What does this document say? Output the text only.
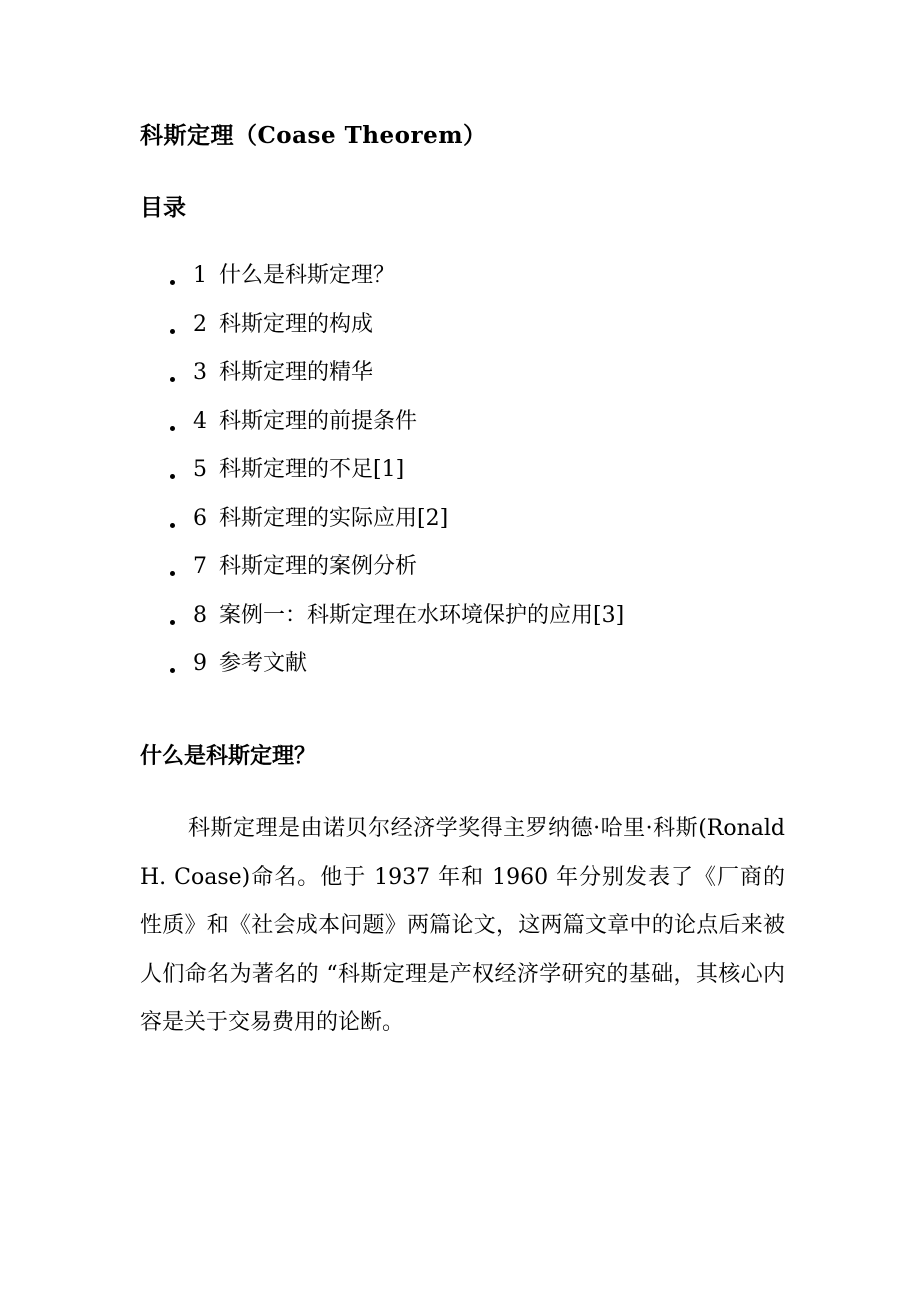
科斯定理（Coase Theorem）
目录
1 什么是科斯定理？
2 科斯定理的构成
3 科斯定理的精华
4 科斯定理的前提条件
5 科斯定理的不足[1]
6 科斯定理的实际应用[2]
7 科斯定理的案例分析
8 案例一：科斯定理在水环境保护的应用[3]
9 参考文献
什么是科斯定理？

科斯定理是由诺贝尔经济学奖得主罗纳德·哈里·科斯(Ronald H. Coase)命名。他于 1937 年和 1960 年分别发表了《厂商的性质》和《社会成本问题》两篇论文，这两篇文章中的论点后来被人们命名为著名的 “科斯定理是产权经济学研究的基础，其核心内容是关于交易费用的论断。
